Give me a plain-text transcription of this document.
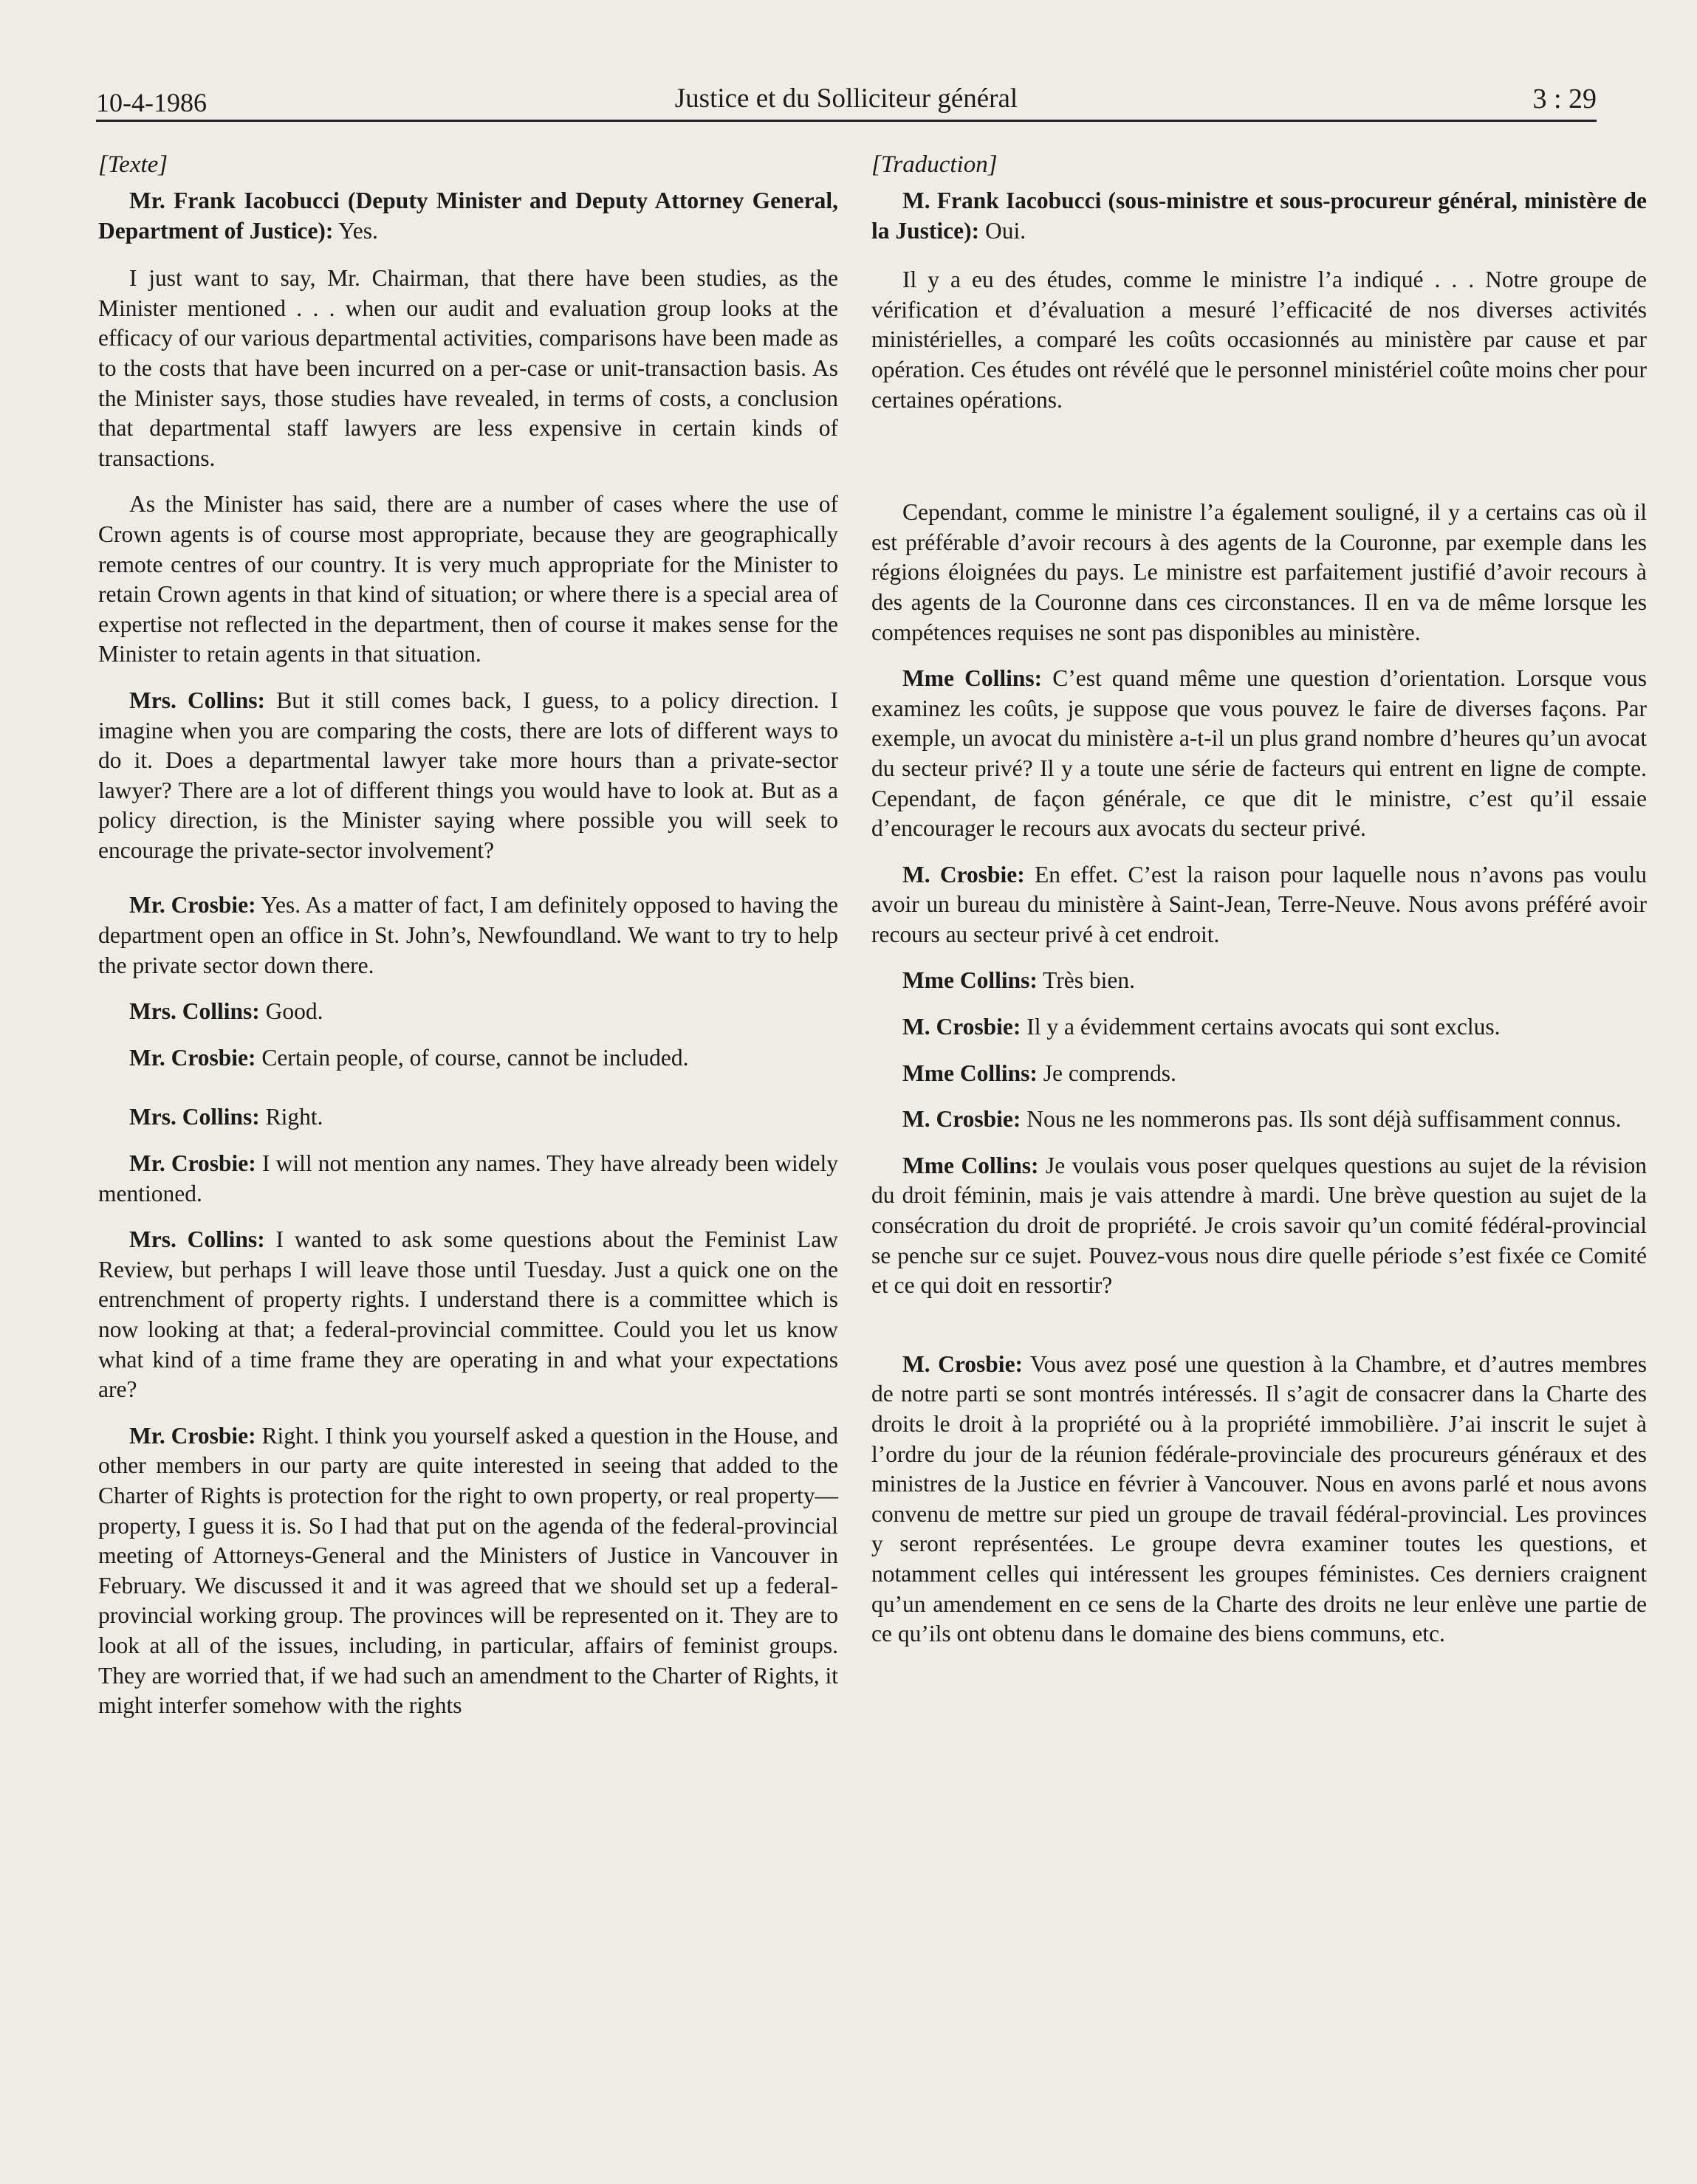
10-4-1986	Justice et du Solliciteur général	3 : 29
[Texte]

Mr. Frank Iacobucci (Deputy Minister and Deputy Attorney General, Department of Justice): Yes.

I just want to say, Mr. Chairman, that there have been studies, as the Minister mentioned . . . when our audit and evaluation group looks at the efficacy of our various departmental activities, comparisons have been made as to the costs that have been incurred on a per-case or unit-transaction basis. As the Minister says, those studies have revealed, in terms of costs, a conclusion that departmental staff lawyers are less expensive in certain kinds of transactions.

As the Minister has said, there are a number of cases where the use of Crown agents is of course most appropriate, because they are geographically remote centres of our country. It is very much appropriate for the Minister to retain Crown agents in that kind of situation; or where there is a special area of expertise not reflected in the department, then of course it makes sense for the Minister to retain agents in that situation.

Mrs. Collins: But it still comes back, I guess, to a policy direction. I imagine when you are comparing the costs, there are lots of different ways to do it. Does a departmental lawyer take more hours than a private-sector lawyer? There are a lot of different things you would have to look at. But as a policy direction, is the Minister saying where possible you will seek to encourage the private-sector involvement?

Mr. Crosbie: Yes. As a matter of fact, I am definitely opposed to having the department open an office in St. John’s, Newfoundland. We want to try to help the private sector down there.

Mrs. Collins: Good.

Mr. Crosbie: Certain people, of course, cannot be included.

Mrs. Collins: Right.

Mr. Crosbie: I will not mention any names. They have already been widely mentioned.

Mrs. Collins: I wanted to ask some questions about the Feminist Law Review, but perhaps I will leave those until Tuesday. Just a quick one on the entrenchment of property rights. I understand there is a committee which is now looking at that; a federal-provincial committee. Could you let us know what kind of a time frame they are operating in and what your expectations are?

Mr. Crosbie: Right. I think you yourself asked a question in the House, and other members in our party are quite interested in seeing that added to the Charter of Rights is protection for the right to own property, or real property—property, I guess it is. So I had that put on the agenda of the federal-provincial meeting of Attorneys-General and the Ministers of Justice in Vancouver in February. We discussed it and it was agreed that we should set up a federal-provincial working group. The provinces will be represented on it. They are to look at all of the issues, including, in particular, affairs of feminist groups. They are worried that, if we had such an amendment to the Charter of Rights, it might interfer somehow with the rights

[Traduction]

M. Frank Iacobucci (sous-ministre et sous-procureur général, ministère de la Justice): Oui.

Il y a eu des études, comme le ministre l’a indiqué . . . Notre groupe de vérification et d’évaluation a mesuré l’efficacité de nos diverses activités ministérielles, a comparé les coûts occasionnés au ministère par cause et par opération. Ces études ont révélé que le personnel ministériel coûte moins cher pour certaines opérations.

Cependant, comme le ministre l’a également souligné, il y a certains cas où il est préférable d’avoir recours à des agents de la Couronne, par exemple dans les régions éloignées du pays. Le ministre est parfaitement justifié d’avoir recours à des agents de la Couronne dans ces circonstances. Il en va de même lorsque les compétences requises ne sont pas disponibles au ministère.

Mme Collins: C’est quand même une question d’orientation. Lorsque vous examinez les coûts, je suppose que vous pouvez le faire de diverses façons. Par exemple, un avocat du ministère a-t-il un plus grand nombre d’heures qu’un avocat du secteur privé? Il y a toute une série de facteurs qui entrent en ligne de compte. Cependant, de façon générale, ce que dit le ministre, c’est qu’il essaie d’encourager le recours aux avocats du secteur privé.

M. Crosbie: En effet. C’est la raison pour laquelle nous n’avons pas voulu avoir un bureau du ministère à Saint-Jean, Terre-Neuve. Nous avons préféré avoir recours au secteur privé à cet endroit.

Mme Collins: Très bien.

M. Crosbie: Il y a évidemment certains avocats qui sont exclus.

Mme Collins: Je comprends.

M. Crosbie: Nous ne les nommerons pas. Ils sont déjà suffisamment connus.

Mme Collins: Je voulais vous poser quelques questions au sujet de la révision du droit féminin, mais je vais attendre à mardi. Une brève question au sujet de la consécration du droit de propriété. Je crois savoir qu’un comité fédéral-provincial se penche sur ce sujet. Pouvez-vous nous dire quelle période s’est fixée ce Comité et ce qui doit en ressortir?

M. Crosbie: Vous avez posé une question à la Chambre, et d’autres membres de notre parti se sont montrés intéressés. Il s’agit de consacrer dans la Charte des droits le droit à la propriété ou à la propriété immobilière. J’ai inscrit le sujet à l’ordre du jour de la réunion fédérale-provinciale des procureurs généraux et des ministres de la Justice en février à Vancouver. Nous en avons parlé et nous avons convenu de mettre sur pied un groupe de travail fédéral-provincial. Les provinces y seront représentées. Le groupe devra examiner toutes les questions, et notamment celles qui intéressent les groupes féministes. Ces derniers craignent qu’un amendement en ce sens de la Charte des droits ne leur enlève une partie de ce qu’ils ont obtenu dans le domaine des biens communs, etc.
